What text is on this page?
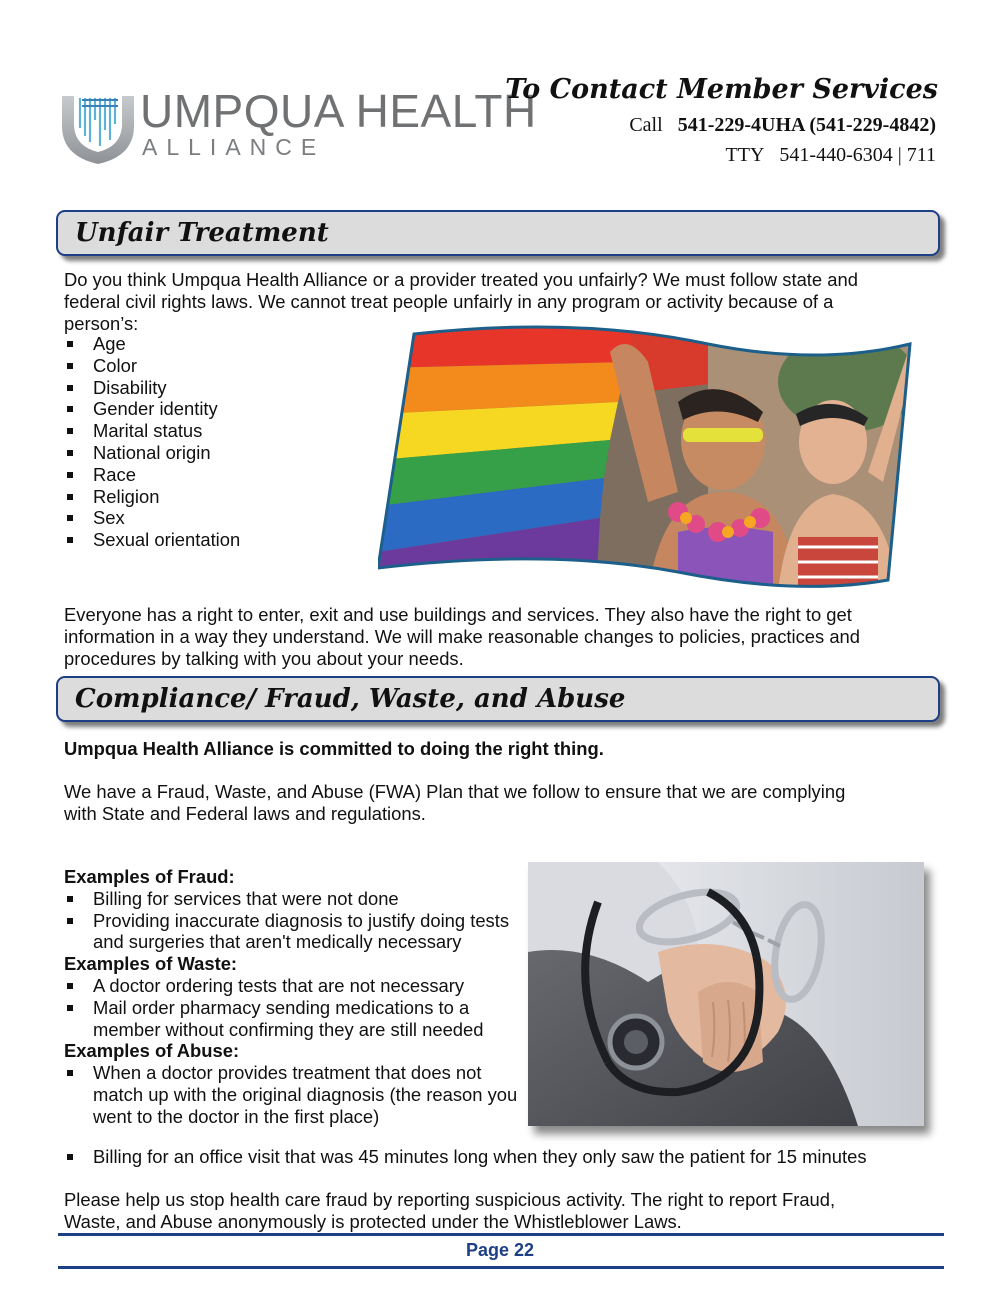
UMPQUA HEALTH
ALLIANCE
To Contact Member Services
Call 541-229-4UHA (541-229-4842)
TTY 541-440-6304 | 711
Unfair Treatment
Do you think Umpqua Health Alliance or a provider treated you unfairly? We must follow state and
federal civil rights laws. We cannot treat people unfairly in any program or activity because of a
person’s:
Age
Color
Disability
Gender identity
Marital status
National origin
Race
Religion
Sex
Sexual orientation
Everyone has a right to enter, exit and use buildings and services. They also have the right to get
information in a way they understand. We will make reasonable changes to policies, practices and
procedures by talking with you about your needs.
Compliance/ Fraud, Waste, and Abuse
Umpqua Health Alliance is committed to doing the right thing.
We have a Fraud, Waste, and Abuse (FWA) Plan that we follow to ensure that we are complying
with State and Federal laws and regulations.
Examples of Fraud:
Billing for services that were not done
Providing inaccurate diagnosis to justify doing tests and surgeries that aren't medically necessary
Examples of Waste:
A doctor ordering tests that are not necessary
Mail order pharmacy sending medications to a member without confirming they are still needed
Examples of Abuse:
When a doctor provides treatment that does not match up with the original diagnosis (the reason you went to the doctor in the first place)
Billing for an office visit that was 45 minutes long when they only saw the patient for 15 minutes
Please help us stop health care fraud by reporting suspicious activity. The right to report Fraud,
Waste, and Abuse anonymously is protected under the Whistleblower Laws.
Page 22
